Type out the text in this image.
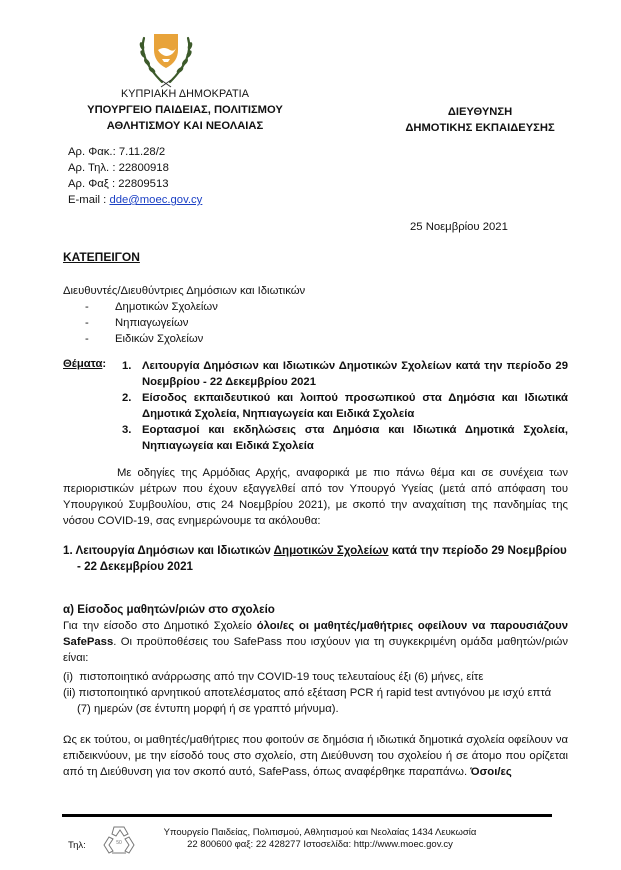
ΚΥΠΡΙΑΚΗ ΔΗΜΟΚΡΑΤΙΑ
ΥΠΟΥΡΓΕΙΟ ΠΑΙΔΕΙΑΣ, ΠΟΛΙΤΙΣΜΟΥ
ΑΘΛΗΤΙΣΜΟΥ ΚΑΙ ΝΕΟΛΑΙΑΣ
ΔΙΕΥΘΥΝΣΗ
ΔΗΜΟΤΙΚΗΣ ΕΚΠΑΙΔΕΥΣΗΣ
Αρ. Φακ.: 7.11.28/2
Αρ. Τηλ. : 22800918
Αρ. Φαξ : 22809513
E-mail : dde@moec.gov.cy
25 Νοεμβρίου 2021
ΚΑΤΕΠΕΙΓΟΝ
Διευθυντές/Διευθύντριες Δημόσιων και Ιδιωτικών
- Δημοτικών Σχολείων
- Νηπιαγωγείων
- Ειδικών Σχολείων
Θέματα: 1. Λειτουργία Δημόσιων και Ιδιωτικών Δημοτικών Σχολείων κατά την περίοδο 29 Νοεμβρίου - 22 Δεκεμβρίου 2021
2. Είσοδος εκπαιδευτικού και λοιπού προσωπικού στα Δημόσια και Ιδιωτικά Δημοτικά Σχολεία, Νηπιαγωγεία και Ειδικά Σχολεία
3. Εορτασμοί και εκδηλώσεις στα Δημόσια και Ιδιωτικά Δημοτικά Σχολεία, Νηπιαγωγεία και Ειδικά Σχολεία
Με οδηγίες της Αρμόδιας Αρχής, αναφορικά με πιο πάνω θέμα και σε συνέχεια των περιοριστικών μέτρων που έχουν εξαγγελθεί από τον Υπουργό Υγείας (μετά από απόφαση του Υπουργικού Συμβουλίου, στις 24 Νοεμβρίου 2021), με σκοπό την αναχαίτιση της πανδημίας της νόσου COVID-19, σας ενημερώνουμε τα ακόλουθα:
1. Λειτουργία Δημόσιων και Ιδιωτικών Δημοτικών Σχολείων κατά την περίοδο 29 Νοεμβρίου
- 22 Δεκεμβρίου 2021
α) Είσοδος μαθητών/ριών στο σχολείο
Για την είσοδο στο Δημοτικό Σχολείο όλοι/ες οι μαθητές/μαθήτριες οφείλουν να παρουσιάζουν SafePass. Οι προϋποθέσεις του SafePass που ισχύουν για τη συγκεκριμένη ομάδα μαθητών/ριών είναι:
(i)  πιστοποιητικό ανάρρωσης από την COVID-19 τους τελευταίους έξι (6) μήνες, είτε
(ii) πιστοποιητικό αρνητικού αποτελέσματος από εξέταση PCR ή rapid test αντιγόνου με ισχύ επτά
(7) ημερών (σε έντυπη μορφή ή σε γραπτό μήνυμα).
Ως εκ τούτου, οι μαθητές/μαθήτριες που φοιτούν σε δημόσια ή ιδιωτικά δημοτικά σχολεία οφείλουν να επιδεικνύουν, με την είσοδό τους στο σχολείο, στη Διεύθυνση του σχολείου ή σε άτομο που ορίζεται από τη Διεύθυνση για τον σκοπό αυτό, SafePass, όπως αναφέρθηκε παραπάνω. Όσοι/ες
Τηλ:	50
Υπουργείο Παιδείας, Πολιτισμού, Αθλητισμού και Νεολαίας 1434 Λευκωσία
22 800600 φαξ: 22 428277 Ιστοσελίδα: http://www.moec.gov.cy
